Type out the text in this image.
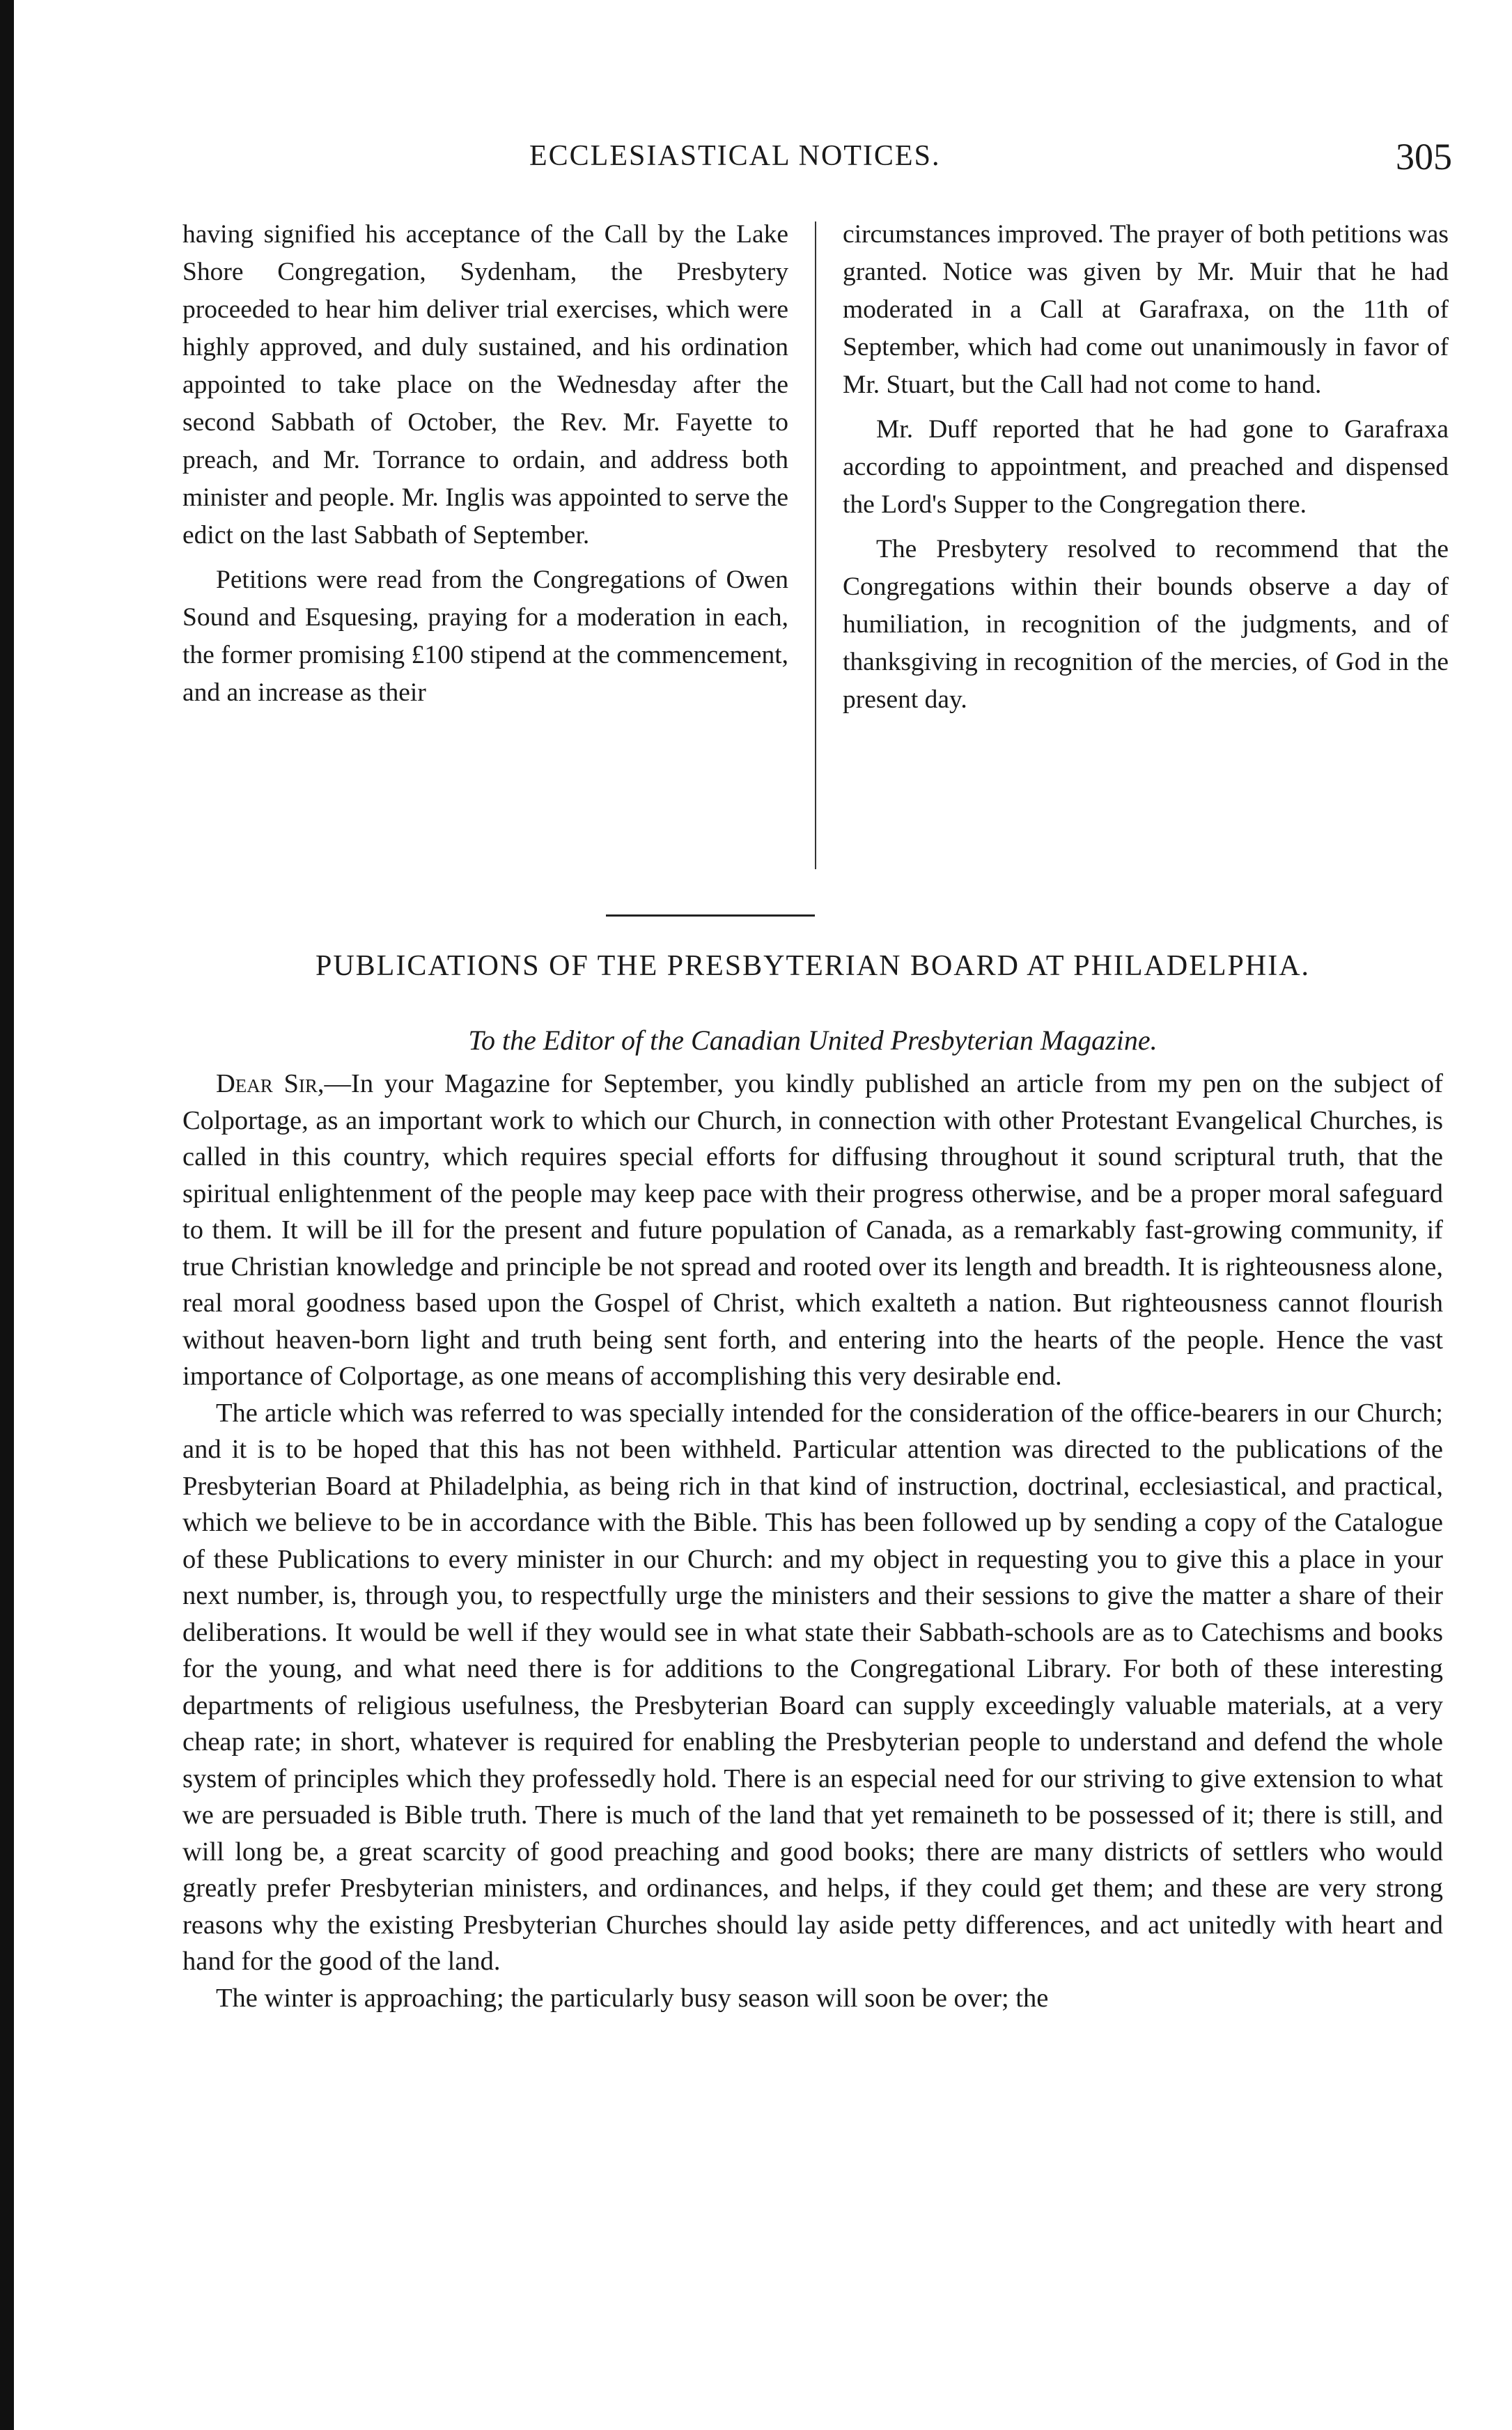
ECCLESIASTICAL NOTICES.	305

having signified his acceptance of the Call by the Lake Shore Congregation, Sydenham, the Presbytery proceeded to hear him deliver trial exercises, which were highly approved, and duly sustained, and his ordination appointed to take place on the Wednesday after the second Sabbath of October, the Rev. Mr. Fayette to preach, and Mr. Torrance to ordain, and address both minister and people. Mr. Inglis was appointed to serve the edict on the last Sabbath of September.

Petitions were read from the Congregations of Owen Sound and Esquesing, praying for a moderation in each, the former promising £100 stipend at the commencement, and an increase as their

circumstances improved. The prayer of both petitions was granted. Notice was given by Mr. Muir that he had moderated in a Call at Garafraxa, on the 11th of September, which had come out unanimously in favor of Mr. Stuart, but the Call had not come to hand.

Mr. Duff reported that he had gone to Garafraxa according to appointment, and preached and dispensed the Lord's Supper to the Congregation there.

The Presbytery resolved to recommend that the Congregations within their bounds observe a day of humiliation, in recognition of the judgments, and of thanksgiving in recognition of the mercies, of God in the present day.

PUBLICATIONS OF THE PRESBYTERIAN BOARD AT PHILADELPHIA.
To the Editor of the Canadian United Presbyterian Magazine.

Dear Sir,—In your Magazine for September, you kindly published an article from my pen on the subject of Colportage, as an important work to which our Church, in connection with other Protestant Evangelical Churches, is called in this country, which requires special efforts for diffusing throughout it sound scriptural truth, that the spiritual enlightenment of the people may keep pace with their progress otherwise, and be a proper moral safeguard to them. It will be ill for the present and future population of Canada, as a remarkably fast-growing community, if true Christian knowledge and principle be not spread and rooted over its length and breadth. It is righteousness alone, real moral goodness based upon the Gospel of Christ, which exalteth a nation. But righteousness cannot flourish without heaven-born light and truth being sent forth, and entering into the hearts of the people. Hence the vast importance of Colportage, as one means of accomplishing this very desirable end.

The article which was referred to was specially intended for the consideration of the office-bearers in our Church; and it is to be hoped that this has not been withheld. Particular attention was directed to the publications of the Presbyterian Board at Philadelphia, as being rich in that kind of instruction, doctrinal, ecclesiastical, and practical, which we believe to be in accordance with the Bible. This has been followed up by sending a copy of the Catalogue of these Publications to every minister in our Church: and my object in requesting you to give this a place in your next number, is, through you, to respectfully urge the ministers and their sessions to give the matter a share of their deliberations. It would be well if they would see in what state their Sabbath-schools are as to Catechisms and books for the young, and what need there is for additions to the Congregational Library. For both of these interesting departments of religious usefulness, the Presbyterian Board can supply exceedingly valuable materials, at a very cheap rate; in short, whatever is required for enabling the Presbyterian people to understand and defend the whole system of principles which they professedly hold. There is an especial need for our striving to give extension to what we are persuaded is Bible truth. There is much of the land that yet remaineth to be possessed of it; there is still, and will long be, a great scarcity of good preaching and good books; there are many districts of settlers who would greatly prefer Presbyterian ministers, and ordinances, and helps, if they could get them; and these are very strong reasons why the existing Presbyterian Churches should lay aside petty differences, and act unitedly with heart and hand for the good of the land.

The winter is approaching; the particularly busy season will soon be over; the
